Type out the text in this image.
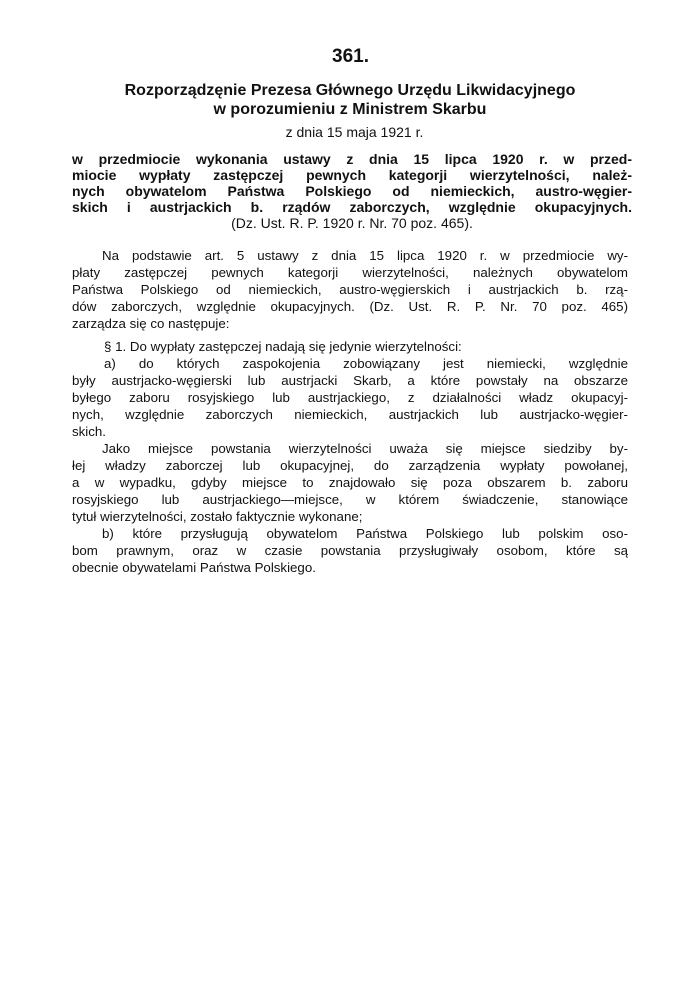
361.
Rozporządzęnie Prezesa Głównego Urzędu Likwidacyjnego
w porozumieniu z Ministrem Skarbu
z dnia 15 maja 1921 r.
w przedmiocie wykonania ustawy z dnia 15 lipca 1920 r. w przed-
miocie wypłaty zastępczej pewnych kategorji wierzytelności, należ-
nych obywatelom Państwa Polskiego od niemieckich, austro-węgier-
skich i austrjackich b. rządów zaborczych, względnie okupacyjnych.
(Dz. Ust. R. P. 1920 r. Nr. 70 poz. 465).
Na podstawie art. 5 ustawy z dnia 15 lipca 1920 r. w przedmiocie wy-
płaty zastępczej pewnych kategorji wierzytelności, należnych obywatelom
Państwa Polskiego od niemieckich, austro-węgierskich i austrjackich b. rzą-
dów zaborczych, względnie okupacyjnych. (Dz. Ust. R. P. Nr. 70 poz. 465)
zarządza się co następuje:
§ 1. Do wypłaty zastępczej nadają się jedynie wierzytelności:
a) do których zaspokojenia zobowiązany jest niemiecki, względnie
były austrjacko-węgierski lub austrjacki Skarb, a które powstały na obszarze
byłego zaboru rosyjskiego lub austrjackiego, z działalności władz okupacyj-
nych, względnie zaborczych niemieckich, austrjackich lub austrjacko-węgier-
skich.
Jako miejsce powstania wierzytelności uważa się miejsce siedziby by-
łej władzy zaborczej lub okupacyjnej, do zarządzenia wypłaty powołanej,
a w wypadku, gdyby miejsce to znajdowało się poza obszarem b. zaboru
rosyjskiego lub austrjackiego—miejsce, w którem świadczenie, stanowiące
tytuł wierzytelności, zostało faktycznie wykonane;
b) które przysługują obywatelom Państwa Polskiego lub polskim oso-
bom prawnym, oraz w czasie powstania przysługiwały osobom, które są
obecnie obywatelami Państwa Polskiego.
